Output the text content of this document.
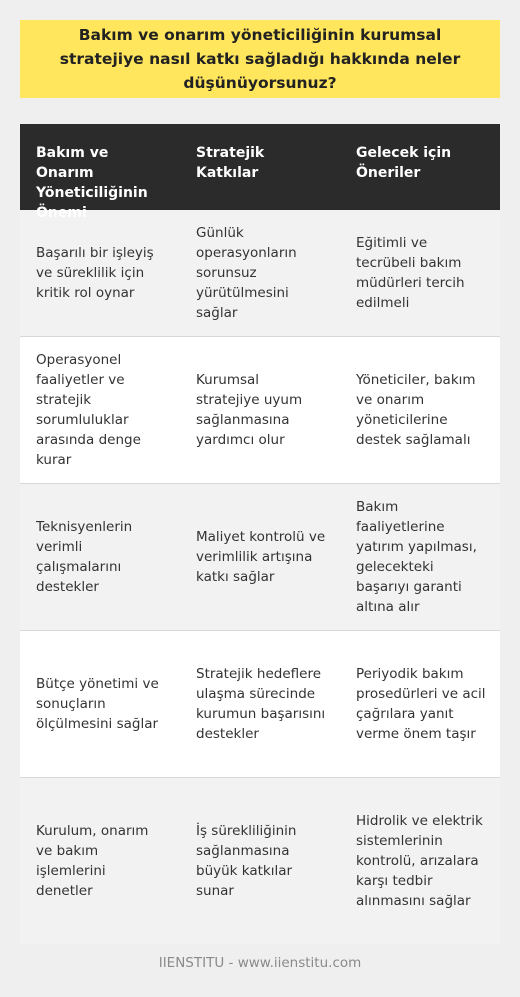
Bakım ve onarım yöneticiliğinin kurumsal stratejiye nasıl katkı sağladığı hakkında neler düşünüyorsunuz?
Bakım ve Onarım Yöneticiliğinin Önemi
Stratejik Katkılar
Gelecek için Öneriler
Başarılı bir işleyiş ve süreklilik için kritik rol oynar
Günlük operasyonların sorunsuz yürütülmesini sağlar
Eğitimli ve tecrübeli bakım müdürleri tercih edilmeli
Operasyonel faaliyetler ve stratejik sorumluluklar arasında denge kurar
Kurumsal stratejiye uyum sağlanmasına yardımcı olur
Yöneticiler, bakım ve onarım yöneticilerine destek sağlamalı
Teknisyenlerin verimli çalışmalarını destekler
Maliyet kontrolü ve verimlilik artışına katkı sağlar
Bakım faaliyetlerine yatırım yapılması, gelecekteki başarıyı garanti altına alır
Bütçe yönetimi ve sonuçların ölçülmesini sağlar
Stratejik hedeflere ulaşma sürecinde kurumun başarısını destekler
Periyodik bakım prosedürleri ve acil çağrılara yanıt verme önem taşır
Kurulum, onarım ve bakım işlemlerini denetler
İş sürekliliğinin sağlanmasına büyük katkılar sunar
Hidrolik ve elektrik sistemlerinin kontrolü, arızalara karşı tedbir alınmasını sağlar
IIENSTITU - www.iienstitu.com
